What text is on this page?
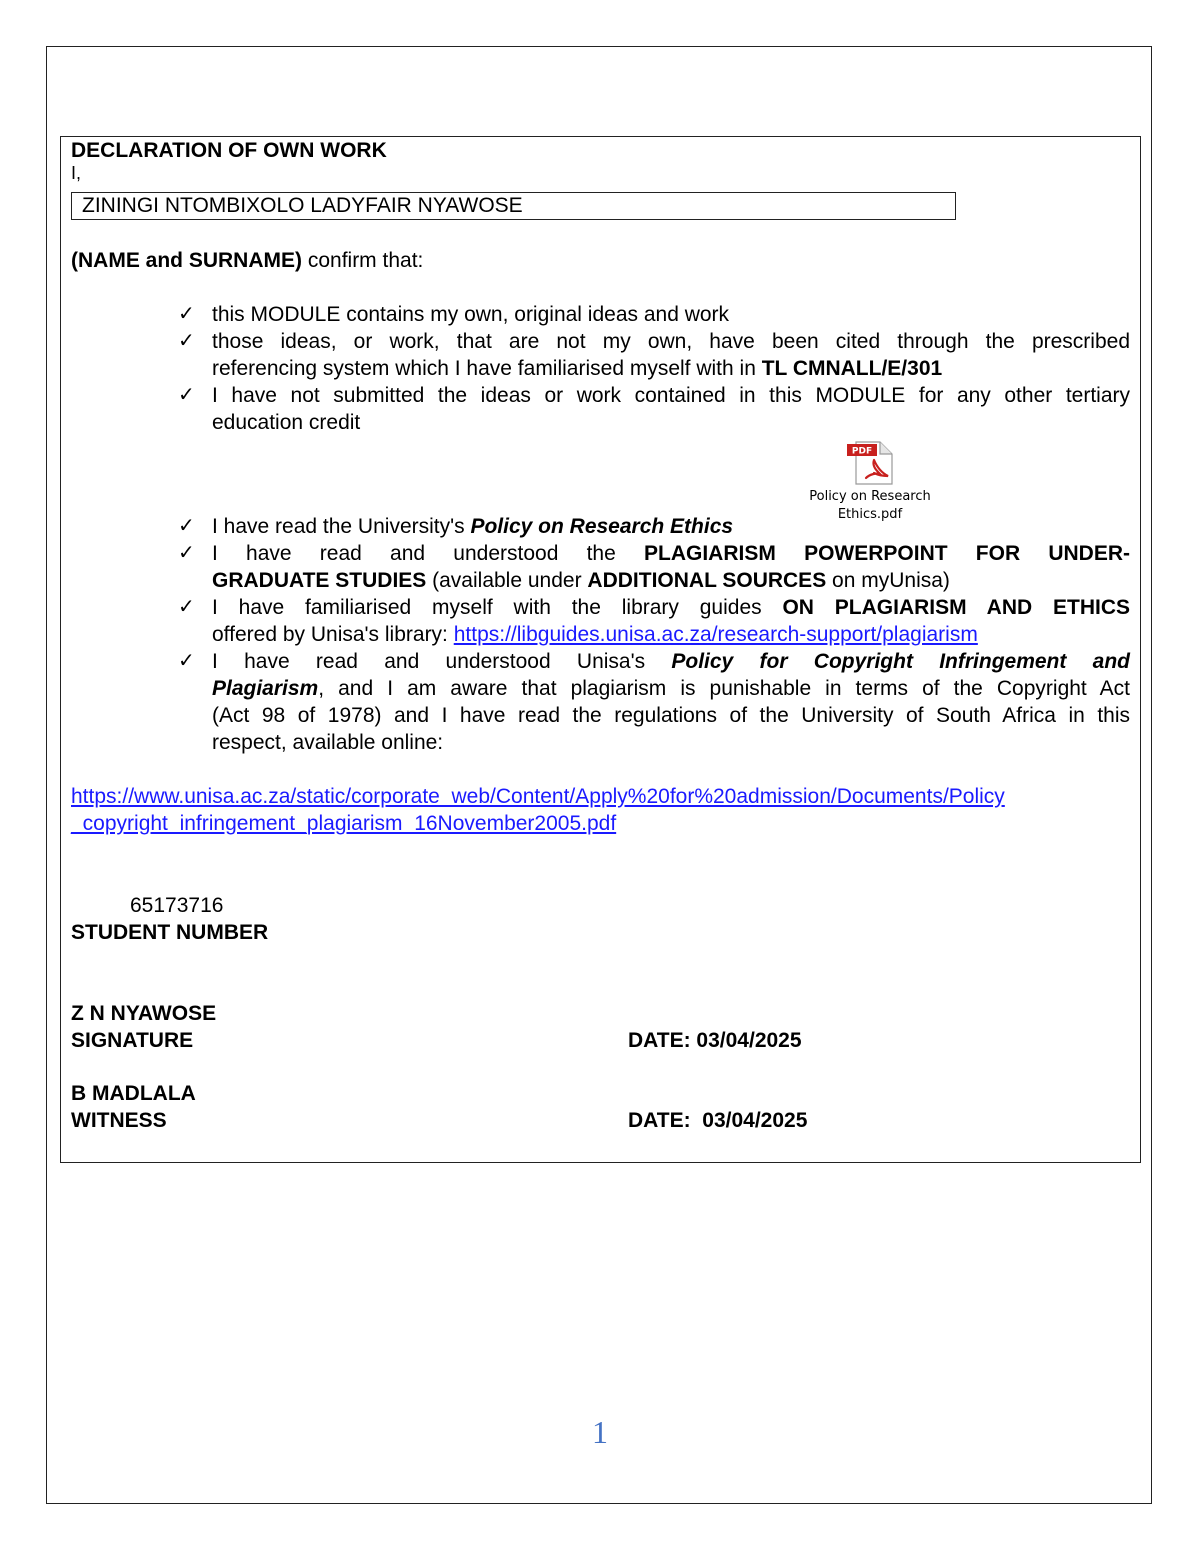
DECLARATION OF OWN WORK
I,
ZININGI NTOMBIXOLO LADYFAIR NYAWOSE
(NAME and SURNAME) confirm that:
✓ this MODULE contains my own, original ideas and work
✓ those ideas, or work, that are not my own, have been cited through the prescribed
referencing system which I have familiarised myself with in TL CMNALL/E/301
✓ I have not submitted the ideas or work contained in this MODULE for any other tertiary
education credit
PDF
Policy on Research
Ethics.pdf
✓ I have read the University's Policy on Research Ethics
✓ I have read and understood the PLAGIARISM POWERPOINT FOR UNDER-
GRADUATE STUDIES (available under ADDITIONAL SOURCES on myUnisa)
✓ I have familiarised myself with the library guides ON PLAGIARISM AND ETHICS
offered by Unisa's library: https://libguides.unisa.ac.za/research-support/plagiarism
✓ I have read and understood Unisa's Policy for Copyright Infringement and
Plagiarism, and I am aware that plagiarism is punishable in terms of the Copyright Act
(Act 98 of 1978) and I have read the regulations of the University of South Africa in this
respect, available online:
https://www.unisa.ac.za/static/corporate_web/Content/Apply%20for%20admission/Documents/Policy
_copyright_infringement_plagiarism_16November2005.pdf
65173716
STUDENT NUMBER
Z N NYAWOSE
SIGNATURE	DATE: 03/04/2025
B MADLALA
WITNESS	DATE:  03/04/2025
1
